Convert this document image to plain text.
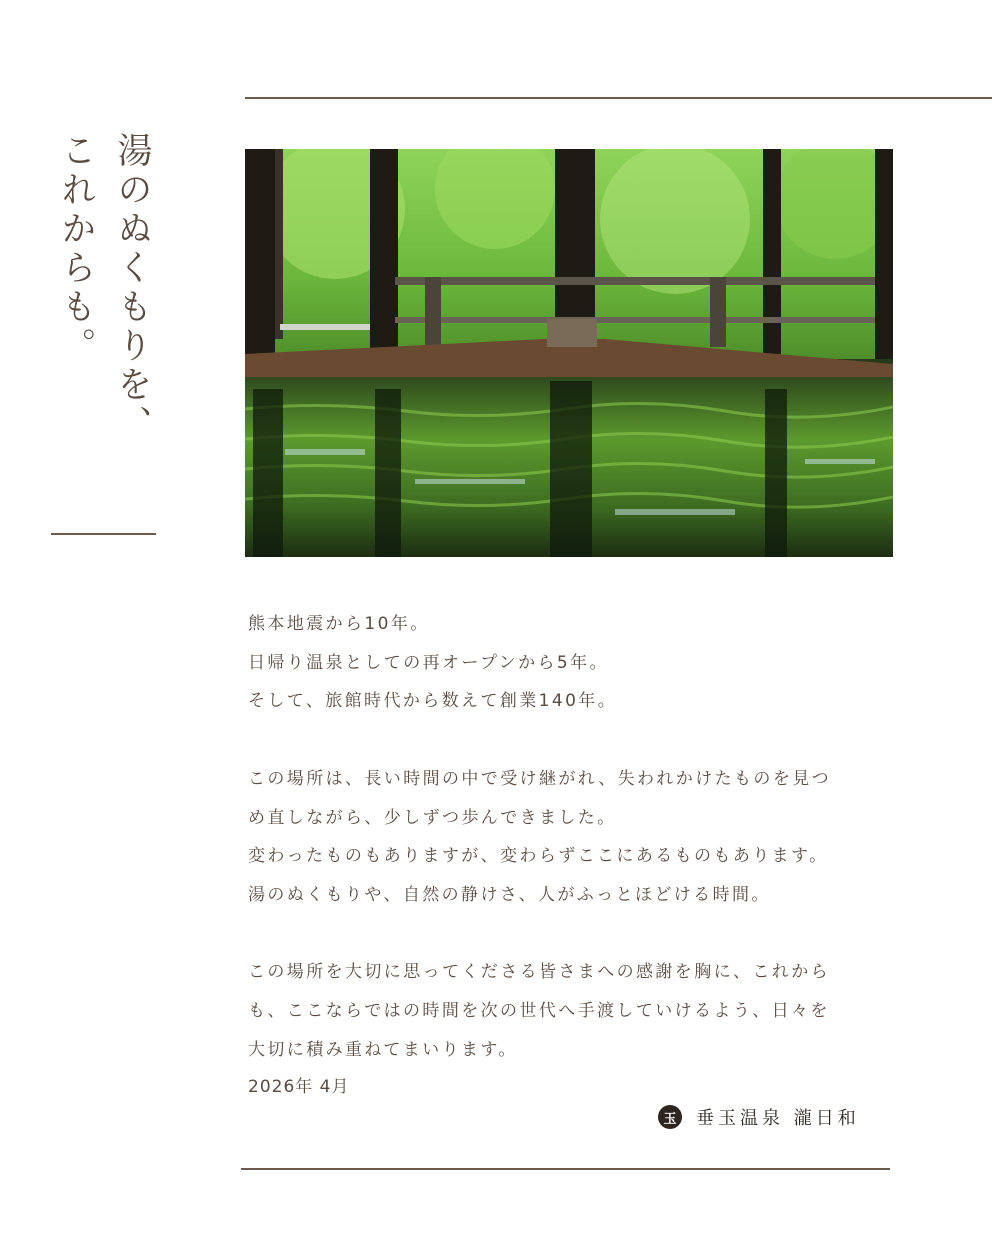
湯のぬくもりを、
これからも。

熊本地震から10年。

日帰り温泉としての再オープンから5年。

そして、旅館時代から数えて創業140年。

この場所は、長い時間の中で受け継がれ、失われかけたものを見つ

め直しながら、少しずつ歩んできました。

変わったものもありますが、変わらずここにあるものもあります。

湯のぬくもりや、自然の静けさ、人がふっとほどける時間。

この場所を大切に思ってくださる皆さまへの感謝を胸に、これから

も、ここならではの時間を次の世代へ手渡していけるよう、日々を

大切に積み重ねてまいります。

2026年 4月
玉	垂玉温泉 瀧日和
